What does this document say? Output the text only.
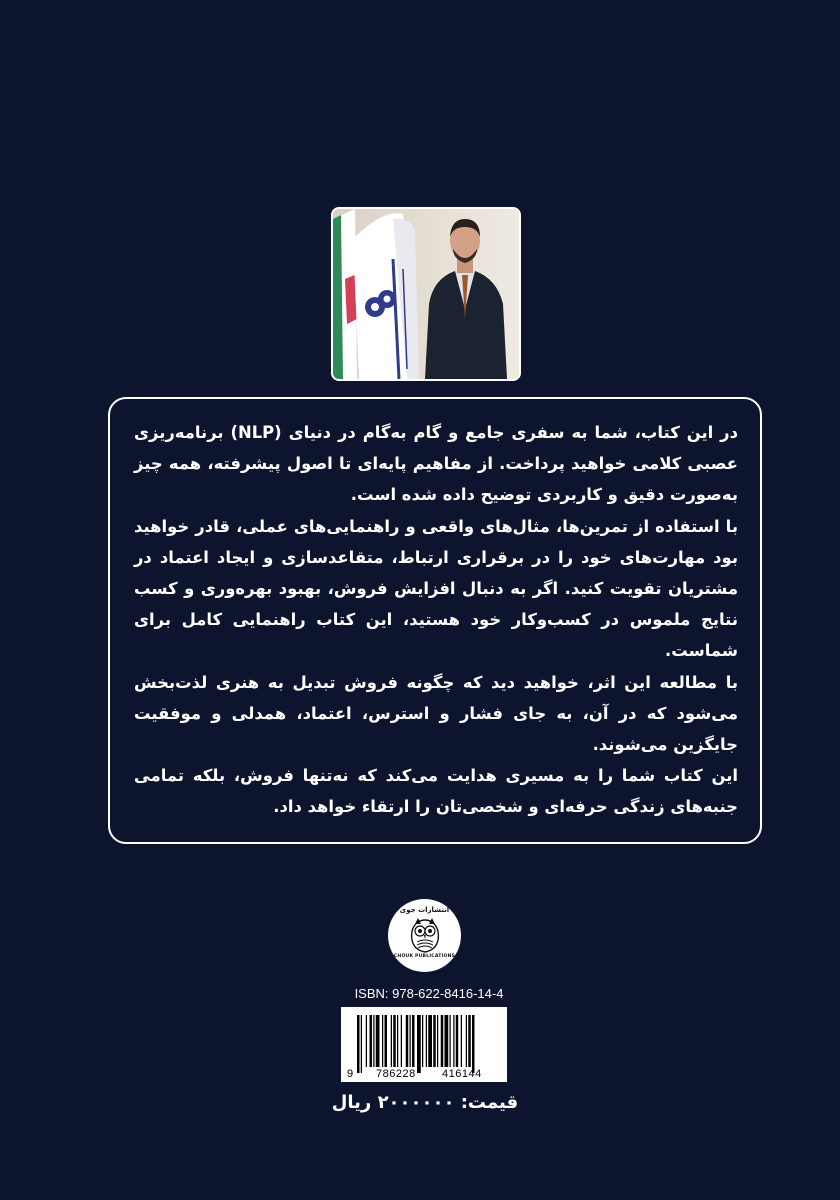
در این کتاب، شما به سفری جامع و گام به‌گام در دنیای (NLP) برنامه‌ریزی عصبی کلامی خواهید پرداخت. از مفاهیم پایه‌ای تا اصول پیشرفته، همه چیز به‌صورت دقیق و کاربردی توضیح داده شده است.

با استفاده از تمرین‌ها، مثال‌های واقعی و راهنمایی‌های عملی، قادر خواهید بود مهارت‌های خود را در برقراری ارتباط، متقاعدسازی و ایجاد اعتماد در مشتریان تقویت کنید. اگر به دنبال افزایش فروش، بهبود بهره‌وری و کسب نتایج ملموس در کسب‌و‌کار خود هستید، این کتاب راهنمایی کامل برای شماست.

با مطالعه این اثر، خواهید دید که چگونه فروش تبدیل به هنری لذت‌بخش می‌شود که در آن، به جای فشار و استرس، اعتماد، همدلی و موفقیت جایگزین می‌شوند.

این کتاب شما را به مسیری هدایت می‌کند که نه‌تنها فروش، بلکه تمامی جنبه‌های زندگی حرفه‌ای و شخصی‌تان را ارتقاء خواهد داد.

انتشارات جوی
CHOUK PUBLICATIONS
ISBN: 978-622-8416-14-4
9 786228 416144
قیمت: ۲۰۰۰۰۰۰ ریال
